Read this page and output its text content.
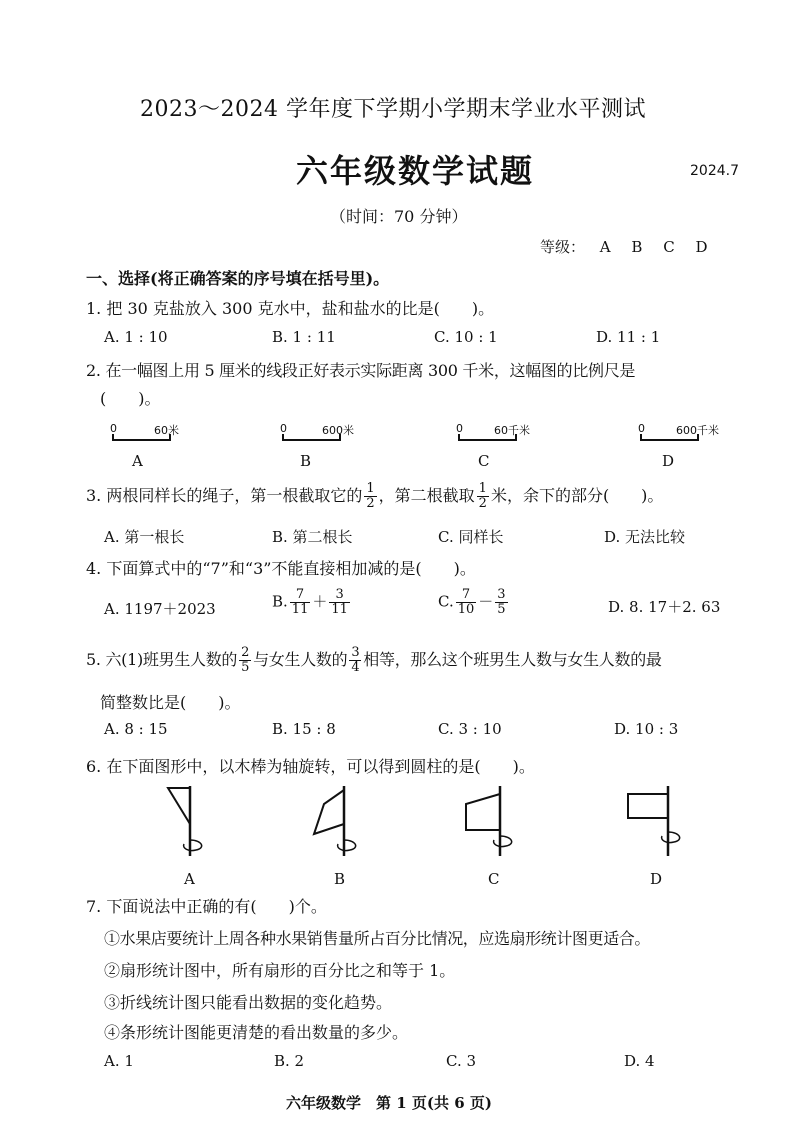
2023～2024 学年度下学期小学期末学业水平测试
六年级数学试题	2024.7
（时间：70 分钟）
等级： A B C D
一、选择(将正确答案的序号填在括号里)。
1. 把 30 克盐放入 300 克水中，盐和盐水的比是(　　)。
A. 1 : 10	B. 1 : 11	C. 10 : 1	D. 11 : 1
2. 在一幅图上用 5 厘米的线段正好表示实际距离 300 千米，这幅图的比例尺是
(　　)。
0	60米
A
0	600米
B
0	60千米
C
0	600千米
D
3. 两根同样长的绳子，第一根截取它的 $\frac{1}{2}$ ，第二根截取 $\frac{1}{2}$ 米，余下的部分(　　)。
A. 第一根长	B. 第二根长	C. 同样长	D. 无法比较
4. 下面算式中的“7”和“3”不能直接相加减的是(　　)。
A. 1197＋2023	B. $\frac{7}{11} + \frac{3}{11}$	C. $\frac{7}{10} - \frac{3}{5}$	D. 8. 17＋2. 63
5. 六(1)班男生人数的 $\frac{2}{5}$ 与女生人数的 $\frac{3}{4}$ 相等，那么这个班男生人数与女生人数的最
简整数比是(　　)。
A. 8 : 15	B. 15 : 8	C. 3 : 10	D. 10 : 3
6. 在下面图形中，以木棒为轴旋转，可以得到圆柱的是(　　)。
A	B	C	D
7. 下面说法中正确的有(　　)个。
①水果店要统计上周各种水果销售量所占百分比情况，应选扇形统计图更适合。
②扇形统计图中，所有扇形的百分比之和等于 1。
③折线统计图只能看出数据的变化趋势。
④条形统计图能更清楚的看出数量的多少。
A. 1	B. 2	C. 3	D. 4
六年级数学　第 1 页(共 6 页)
